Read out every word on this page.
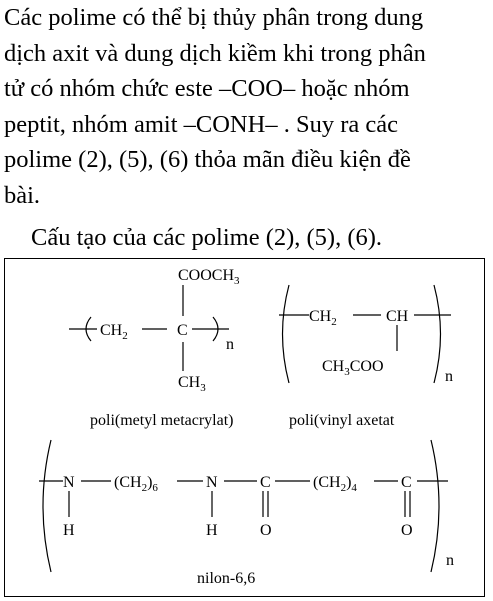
Các polime có thể bị thủy phân trong dung
dịch axit và dung dịch kiềm khi trong phân
tử có nhóm chức este –COO– hoặc nhóm
peptit, nhóm amit –CONH– . Suy ra các
polime (2), (5), (6) thỏa mãn điều kiện đề
bài.
Cấu tạo của các polime (2), (5), (6).
$CH_2$	C
n
$COOCH_3$
$CH_3$
poli(metyl metacrylat)
$CH_2$	CH
$CH_3COO$
n
poli(vinyl axetat
N
H
$(CH_2)_6$	N
H
C
O
$(CH_2)_4$	C
O
n
nilon-6,6
